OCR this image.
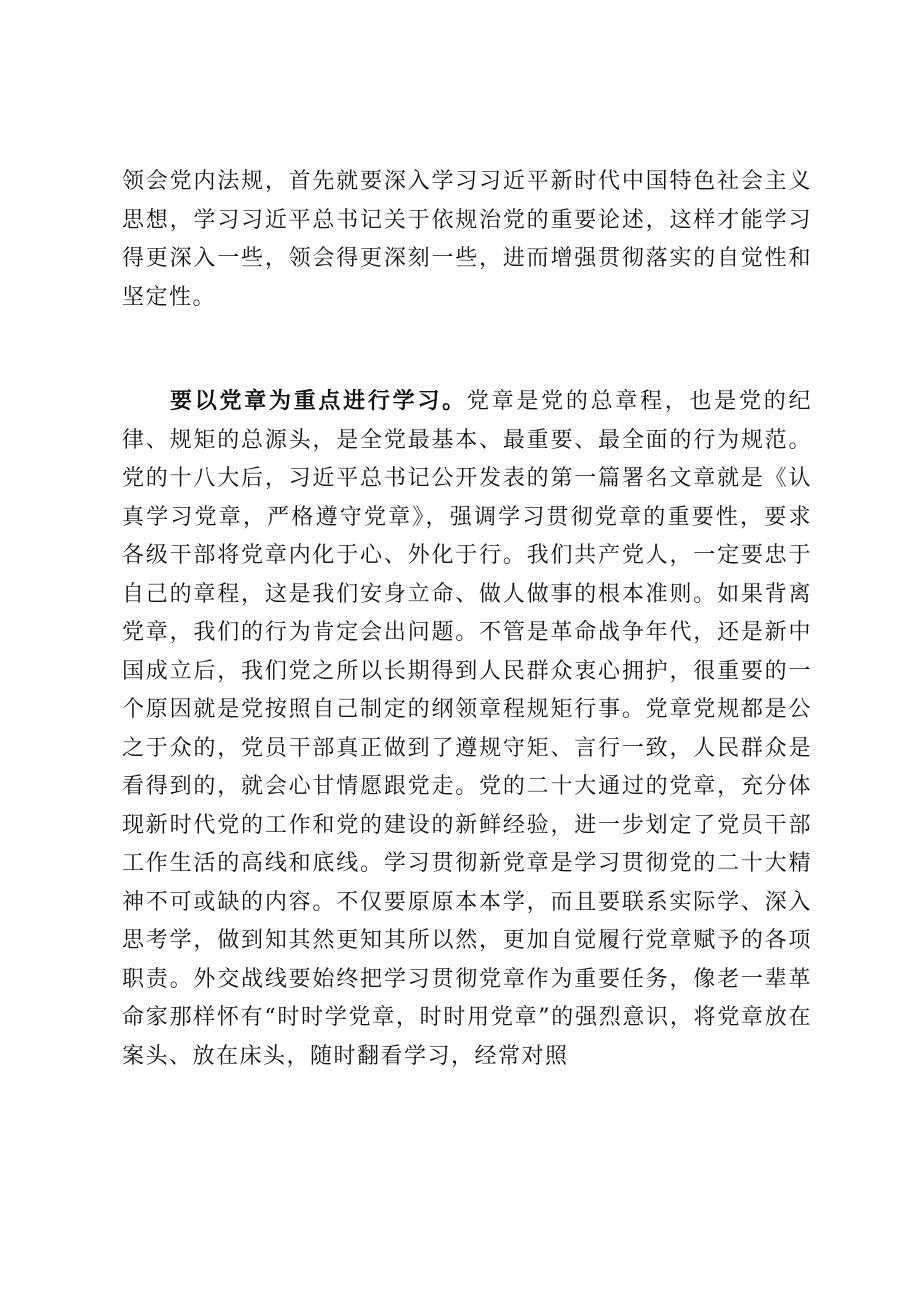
领会党内法规，首先就要深入学习习近平新时代中国特色社会主义思想，学习习近平总书记关于依规治党的重要论述，这样才能学习得更深入一些，领会得更深刻一些，进而增强贯彻落实的自觉性和坚定性。

要以党章为重点进行学习。党章是党的总章程，也是党的纪律、规矩的总源头，是全党最基本、最重要、最全面的行为规范。党的十八大后，习近平总书记公开发表的第一篇署名文章就是《认真学习党章，严格遵守党章》，强调学习贯彻党章的重要性，要求各级干部将党章内化于心、外化于行。我们共产党人，一定要忠于自己的章程，这是我们安身立命、做人做事的根本准则。如果背离党章，我们的行为肯定会出问题。不管是革命战争年代，还是新中国成立后，我们党之所以长期得到人民群众衷心拥护，很重要的一个原因就是党按照自己制定的纲领章程规矩行事。党章党规都是公之于众的，党员干部真正做到了遵规守矩、言行一致，人民群众是看得到的，就会心甘情愿跟党走。党的二十大通过的党章，充分体现新时代党的工作和党的建设的新鲜经验，进一步划定了党员干部工作生活的高线和底线。学习贯彻新党章是学习贯彻党的二十大精神不可或缺的内容。不仅要原原本本学，而且要联系实际学、深入思考学，做到知其然更知其所以然，更加自觉履行党章赋予的各项职责。外交战线要始终把学习贯彻党章作为重要任务，像老一辈革命家那样怀有“时时学党章，时时用党章”的强烈意识，将党章放在案头、放在床头，随时翻看学习，经常对照
